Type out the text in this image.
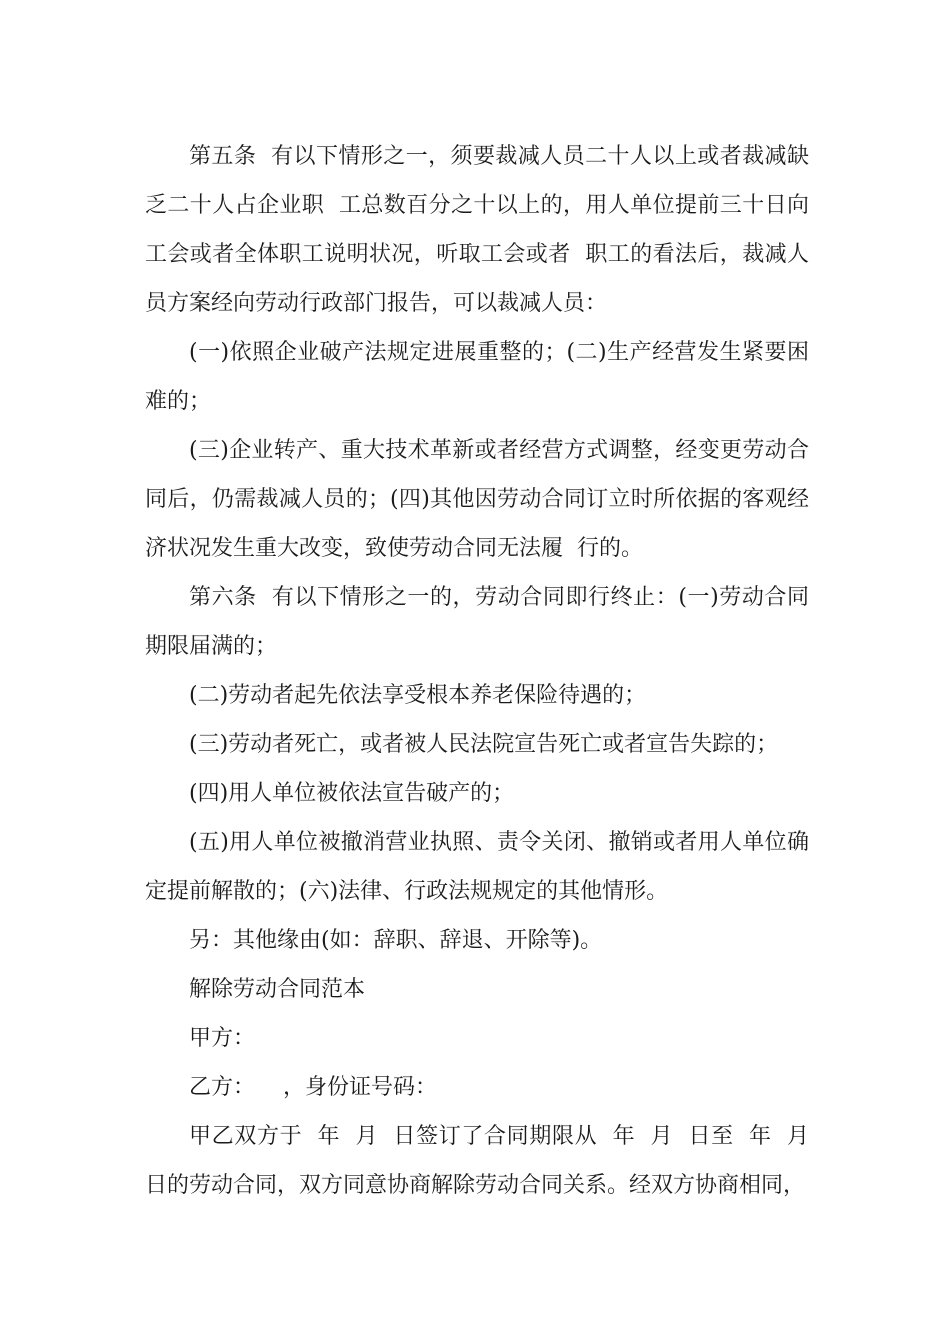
第五条  有以下情形之一，须要裁减人员二十人以上或者裁减缺乏二十人占企业职  工总数百分之十以上的，用人单位提前三十日向工会或者全体职工说明状况，听取工会或者  职工的看法后，裁减人员方案经向劳动行政部门报告，可以裁减人员：

(一)依照企业破产法规定进展重整的；(二)生产经营发生紧要困难的；

(三)企业转产、重大技术革新或者经营方式调整，经变更劳动合同后，仍需裁减人员的；(四)其他因劳动合同订立时所依据的客观经济状况发生重大改变，致使劳动合同无法履  行的。

第六条  有以下情形之一的，劳动合同即行终止：(一)劳动合同期限届满的；

(二)劳动者起先依法享受根本养老保险待遇的；

(三)劳动者死亡，或者被人民法院宣告死亡或者宣告失踪的；

(四)用人单位被依法宣告破产的；

(五)用人单位被撤消营业执照、责令关闭、撤销或者用人单位确定提前解散的；(六)法律、行政法规规定的其他情形。

另：其他缘由(如：辞职、辞退、开除等)。

解除劳动合同范本

甲方：

乙方：    ，身份证号码：

甲乙双方于  年  月  日签订了合同期限从  年  月  日至  年  月  日的劳动合同，双方同意协商解除劳动合同关系。经双方协商相同，
